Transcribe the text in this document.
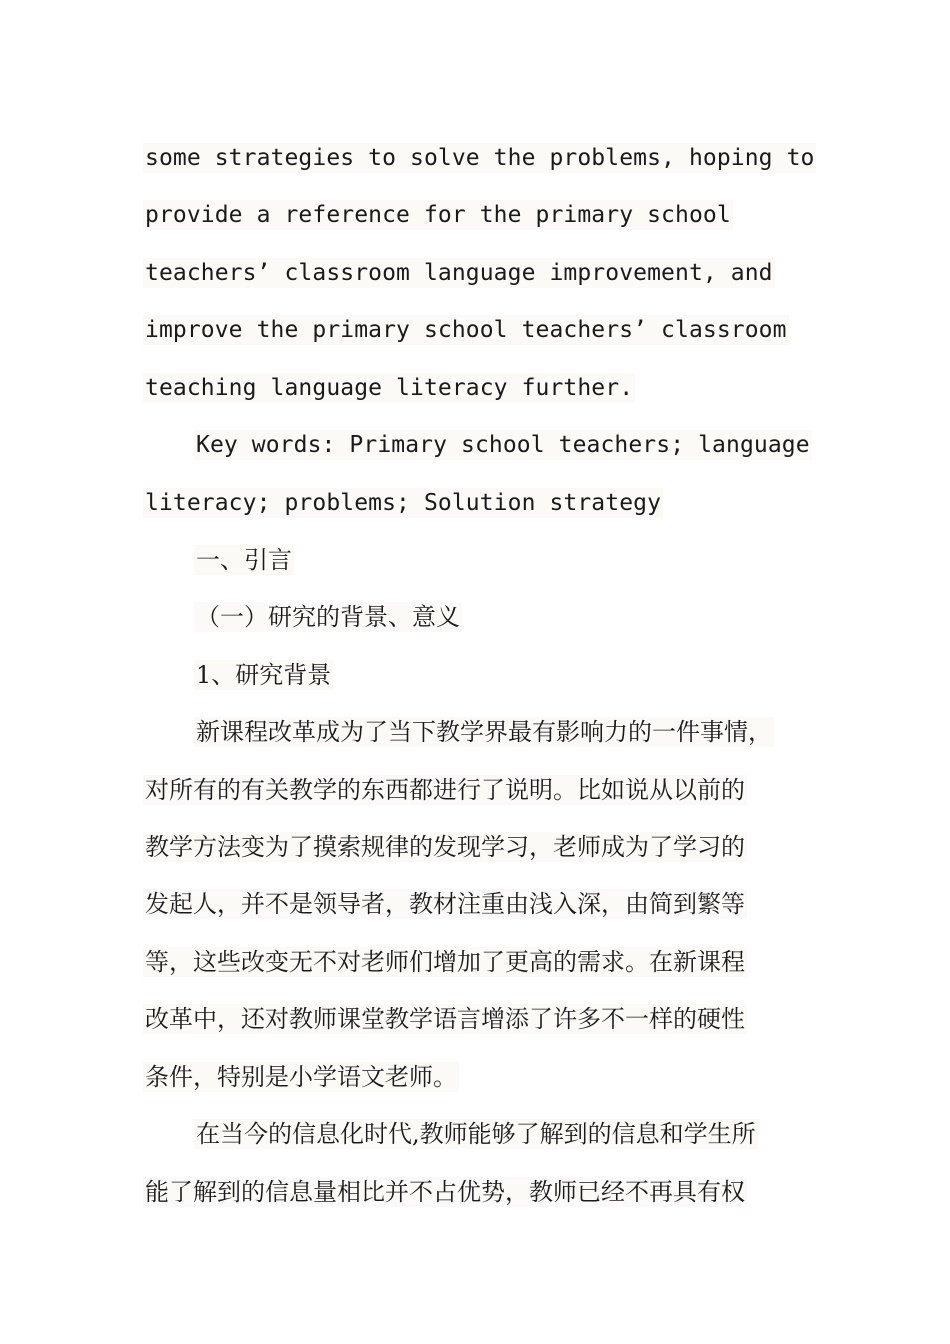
some strategies to solve the problems, hoping to
provide a reference for the primary school
teachers’ classroom language improvement, and
improve the primary school teachers’ classroom
teaching language literacy further.
Key words: Primary school teachers; language
literacy; problems; Solution strategy
一、引言
（一）研究的背景、意义
1、研究背景
新课程改革成为了当下教学界最有影响力的一件事情，
对所有的有关教学的东西都进行了说明。比如说从以前的
教学方法变为了摸索规律的发现学习，老师成为了学习的
发起人，并不是领导者，教材注重由浅入深，由简到繁等
等，这些改变无不对老师们增加了更高的需求。在新课程
改革中，还对教师课堂教学语言增添了许多不一样的硬性
条件，特别是小学语文老师。
在当今的信息化时代,教师能够了解到的信息和学生所
能了解到的信息量相比并不占优势，教师已经不再具有权
